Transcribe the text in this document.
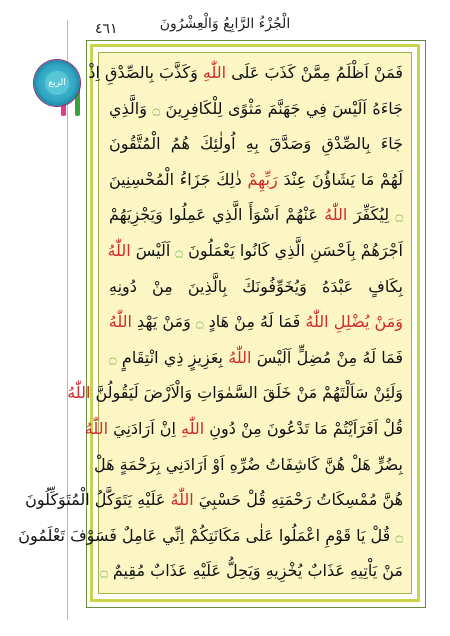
الْجُزْءُ الرَّابِعُ وَالْعِشْرُونَ
٤٦١
الربع
فَمَنْ اَظْلَمُ مِمَّنْ كَذَبَ عَلَى اللّٰهِ وَكَذَّبَ بِالصِّدْقِ اِذْ
جَاءَهُ اَلَيْسَ فِي جَهَنَّمَ مَثْوًى لِلْكَافِرِينَ ۝ وَالَّذِي
جَاءَ بِالصِّدْقِ وَصَدَّقَ بِهِ اُولٰئِكَ هُمُ الْمُتَّقُونَ
لَهُمْ مَا يَشَاؤُنَ عِنْدَ رَبِّهِمْ ذٰلِكَ جَزَاءُ الْمُحْسِنِينَ
۝ لِيُكَفِّرَ اللّٰهُ عَنْهُمْ اَسْوَأَ الَّذِي عَمِلُوا وَيَجْزِيَهُمْ
اَجْرَهُمْ بِاَحْسَنِ الَّذِي كَانُوا يَعْمَلُونَ ۝ اَلَيْسَ اللّٰهُ
بِكَافٍ عَبْدَهُ وَيُخَوِّفُونَكَ بِالَّذِينَ مِنْ دُونِهِ
وَمَنْ يُضْلِلِ اللّٰهُ فَمَا لَهُ مِنْ هَادٍ ۝ وَمَنْ يَهْدِ اللّٰهُ
فَمَا لَهُ مِنْ مُضِلٍّ اَلَيْسَ اللّٰهُ بِعَزِيزٍ ذِي انْتِقَامٍ ۝
وَلَئِنْ سَاَلْتَهُمْ مَنْ خَلَقَ السَّمٰوَاتِ وَالْاَرْضَ لَيَقُولُنَّ اللّٰهُ
قُلْ اَفَرَاَيْتُمْ مَا تَدْعُونَ مِنْ دُونِ اللّٰهِ اِنْ اَرَادَنِيَ اللّٰهُ
بِضُرٍّ هَلْ هُنَّ كَاشِفَاتُ ضُرِّهِ اَوْ اَرَادَنِي بِرَحْمَةٍ هَلْ
هُنَّ مُمْسِكَاتُ رَحْمَتِهِ قُلْ حَسْبِيَ اللّٰهُ عَلَيْهِ يَتَوَكَّلُ الْمُتَوَكِّلُونَ
۝ قُلْ يَا قَوْمِ اعْمَلُوا عَلٰى مَكَانَتِكُمْ اِنِّي عَامِلٌ فَسَوْفَ تَعْلَمُونَ
مَنْ يَاْتِيهِ عَذَابٌ يُخْزِيهِ وَيَحِلُّ عَلَيْهِ عَذَابٌ مُقِيمٌ ۝
